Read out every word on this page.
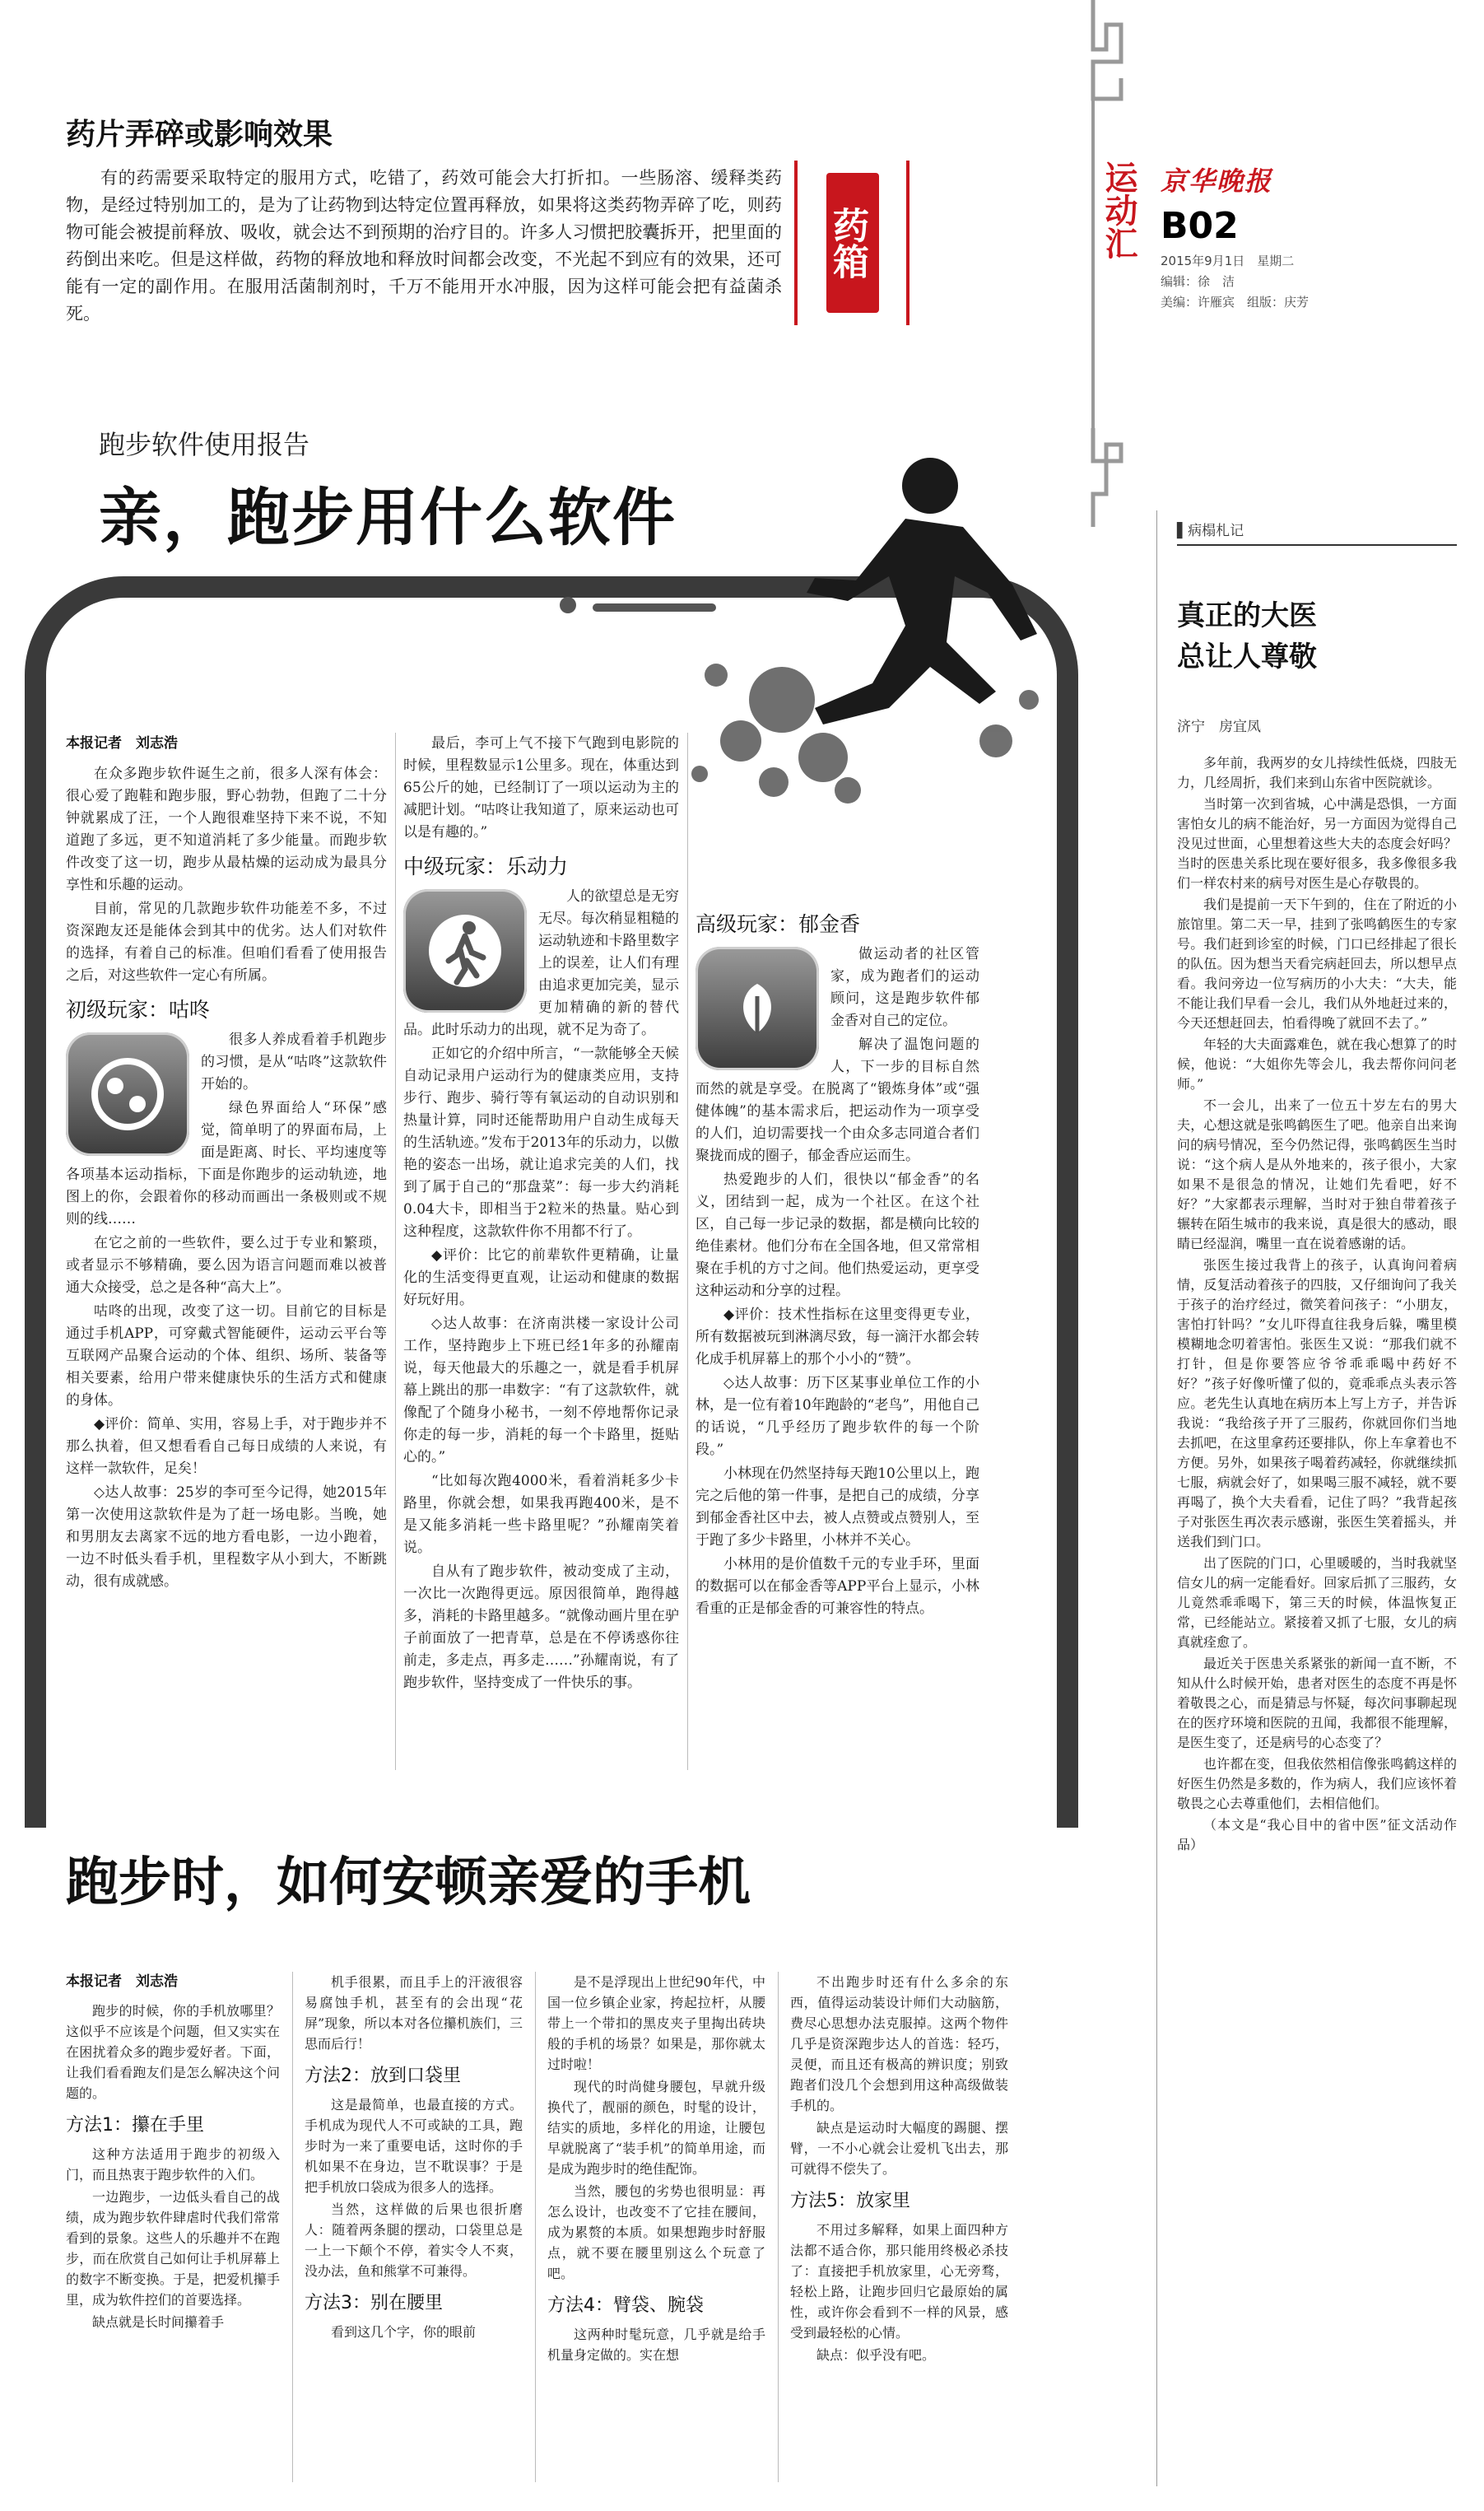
运动汇 京华晚报
B02
2015年9月1日　星期二
编辑：徐　洁
美编：许雁宾　组版：庆芳
药片弄碎或影响效果

有的药需要采取特定的服用方式，吃错了，药效可能会大打折扣。一些肠溶、缓释类药物，是经过特别加工的，是为了让药物到达特定位置再释放，如果将这类药物弄碎了吃，则药物可能会被提前释放、吸收，就会达不到预期的治疗目的。许多人习惯把胶囊拆开，把里面的药倒出来吃。但是这样做，药物的释放地和释放时间都会改变，不光起不到应有的效果，还可能有一定的副作用。在服用活菌制剂时，千万不能用开水冲服，因为这样可能会把有益菌杀死。

药箱
跑步软件使用报告
亲，跑步用什么软件
本报记者　刘志浩

在众多跑步软件诞生之前，很多人深有体会：很心爱了跑鞋和跑步服，野心勃勃，但跑了二十分钟就累成了汪，一个人跑很难坚持下来不说，不知道跑了多远，更不知道消耗了多少能量。而跑步软件改变了这一切，跑步从最枯燥的运动成为最具分享性和乐趣的运动。

目前，常见的几款跑步软件功能差不多，不过资深跑友还是能体会到其中的优劣。达人们对软件的选择，有着自己的标准。但咱们看看了使用报告之后，对这些软件一定心有所属。

初级玩家：咕咚

很多人养成看着手机跑步的习惯，是从“咕咚”这款软件开始的。

绿色界面给人“环保”感觉，简单明了的界面布局，上面是距离、时长、平均速度等各项基本运动指标，下面是你跑步的运动轨迹，地图上的你，会跟着你的移动而画出一条极则或不规则的线……

在它之前的一些软件，要么过于专业和繁琐，或者显示不够精确，要么因为语言问题而难以被普通大众接受，总之是各种“高大上”。

咕咚的出现，改变了这一切。目前它的目标是通过手机APP，可穿戴式智能硬件，运动云平台等互联网产品聚合运动的个体、组织、场所、装备等相关要素，给用户带来健康快乐的生活方式和健康的身体。

◆评价：简单、实用，容易上手，对于跑步并不那么执着，但又想看看自己每日成绩的人来说，有这样一款软件，足矣！

◇达人故事：25岁的李可至今记得，她2015年第一次使用这款软件是为了赶一场电影。当晚，她和男朋友去离家不远的地方看电影，一边小跑着，一边不时低头看手机，里程数字从小到大，不断跳动，很有成就感。

最后，李可上气不接下气跑到电影院的时候，里程数显示1公里多。现在，体重达到65公斤的她，已经制订了一项以运动为主的减肥计划。“咕咚让我知道了，原来运动也可以是有趣的。”

中级玩家：乐动力

人的欲望总是无穷无尽。每次稍显粗糙的运动轨迹和卡路里数字上的误差，让人们有理由追求更加完美，显示更加精确的新的替代品。此时乐动力的出现，就不足为奇了。

正如它的介绍中所言，“一款能够全天候自动记录用户运动行为的健康类应用，支持步行、跑步、骑行等有氧运动的自动识别和热量计算，同时还能帮助用户自动生成每天的生活轨迹。”发布于2013年的乐动力，以傲艳的姿态一出场，就让追求完美的人们，找到了属于自己的“那盘菜”：每一步大约消耗0.04大卡，即相当于2粒米的热量。贴心到这种程度，这款软件你不用都不行了。

◆评价：比它的前辈软件更精确，让量化的生活变得更直观，让运动和健康的数据好玩好用。

◇达人故事：在济南洪楼一家设计公司工作，坚持跑步上下班已经1年多的孙耀南说，每天他最大的乐趣之一，就是看手机屏幕上跳出的那一串数字：“有了这款软件，就像配了个随身小秘书，一刻不停地帮你记录你走的每一步，消耗的每一个卡路里，挺贴心的。”

“比如每次跑4000米，看着消耗多少卡路里，你就会想，如果我再跑400米，是不是又能多消耗一些卡路里呢？”孙耀南笑着说。

自从有了跑步软件，被动变成了主动，一次比一次跑得更远。原因很简单，跑得越多，消耗的卡路里越多。“就像动画片里在驴子前面放了一把青草，总是在不停诱惑你往前走，多走点，再多走……”孙耀南说，有了跑步软件，坚持变成了一件快乐的事。

高级玩家：郁金香

做运动者的社区管家，成为跑者们的运动顾问，这是跑步软件郁金香对自己的定位。

解决了温饱问题的人，下一步的目标自然而然的就是享受。在脱离了“锻炼身体”或“强健体魄”的基本需求后，把运动作为一项享受的人们，迫切需要找一个由众多志同道合者们聚拢而成的圈子，郁金香应运而生。

热爱跑步的人们，很快以“郁金香”的名义，团结到一起，成为一个社区。在这个社区，自己每一步记录的数据，都是横向比较的绝佳素材。他们分布在全国各地，但又常常相聚在手机的方寸之间。他们热爱运动，更享受这种运动和分享的过程。

◆评价：技术性指标在这里变得更专业，所有数据被玩到淋漓尽致，每一滴汗水都会转化成手机屏幕上的那个小小的“赞”。

◇达人故事：历下区某事业单位工作的小林，是一位有着10年跑龄的“老鸟”，用他自己的话说，“几乎经历了跑步软件的每一个阶段。”

小林现在仍然坚持每天跑10公里以上，跑完之后他的第一件事，是把自己的成绩，分享到郁金香社区中去，被人点赞或点赞别人，至于跑了多少卡路里，小林并不关心。

小林用的是价值数千元的专业手环，里面的数据可以在郁金香等APP平台上显示，小林看重的正是郁金香的可兼容性的特点。

跑步时，如何安顿亲爱的手机
本报记者　刘志浩

跑步的时候，你的手机放哪里？这似乎不应该是个问题，但又实实在在困扰着众多的跑步爱好者。下面，让我们看看跑友们是怎么解决这个问题的。

方法1：攥在手里

这种方法适用于跑步的初级入门，而且热衷于跑步软件的入们。

一边跑步，一边低头看自己的战绩，成为跑步软件肆虐时代我们常常看到的景象。这些人的乐趣并不在跑步，而在欣赏自己如何让手机屏幕上的数字不断变换。于是，把爱机攥手里，成为软件控们的首要选择。

缺点就是长时间攥着手

机手很累，而且手上的汗液很容易腐蚀手机，甚至有的会出现“花屏”现象，所以本对各位攥机族们，三思而后行！

方法2：放到口袋里

这是最简单，也最直接的方式。手机成为现代人不可或缺的工具，跑步时为一来了重要电话，这时你的手机如果不在身边，岂不耽误事？于是把手机放口袋成为很多人的选择。

当然，这样做的后果也很折磨人：随着两条腿的摆动，口袋里总是一上一下颠个不停，着实令人不爽，没办法，鱼和熊掌不可兼得。

方法3：别在腰里

看到这几个字，你的眼前

是不是浮现出上世纪90年代，中国一位乡镇企业家，挎起拉杆，从腰带上一个带扣的黑皮夹子里掏出砖块般的手机的场景？如果是，那你就太过时啦！

现代的时尚健身腰包，早就升级换代了，靓丽的颜色，时髦的设计，结实的质地，多样化的用途，让腰包早就脱离了“装手机”的简单用途，而是成为跑步时的绝佳配饰。

当然，腰包的劣势也很明显：再怎么设计，也改变不了它挂在腰间，成为累赘的本质。如果想跑步时舒服点，就不要在腰里别这么个玩意了吧。

方法4：臂袋、腕袋

这两种时髦玩意，几乎就是给手机量身定做的。实在想

不出跑步时还有什么多余的东西，值得运动装设计师们大动脑筋，费尽心思想办法克服掉。这两个物件几乎是资深跑步达人的首选：轻巧，灵便，而且还有极高的辨识度；别致跑者们没几个会想到用这种高级做装手机的。

缺点是运动时大幅度的踢腿、摆臂，一不小心就会让爱机飞出去，那可就得不偿失了。

方法5：放家里

不用过多解释，如果上面四种方法都不适合你，那只能用终极必杀技了：直接把手机放家里，心无旁骛，轻松上路，让跑步回归它最原始的属性，或许你会看到不一样的风景，感受到最轻松的心情。

缺点：似乎没有吧。

▌病榻札记
真正的大医
总让人尊敬
济宁　房宜凤

多年前，我两岁的女儿持续性低烧，四肢无力，几经周折，我们来到山东省中医院就诊。

当时第一次到省城，心中满是恐惧，一方面害怕女儿的病不能治好，另一方面因为觉得自己没见过世面，心里想着这些大夫的态度会好吗？当时的医患关系比现在要好很多，我多像很多我们一样农村来的病号对医生是心存敬畏的。

我们是提前一天下午到的，住在了附近的小旅馆里。第二天一早，挂到了张鸣鹤医生的专家号。我们赶到诊室的时候，门口已经排起了很长的队伍。因为想当天看完病赶回去，所以想早点看。我问旁边一位写病历的小大夫：“大夫，能不能让我们早看一会儿，我们从外地赶过来的，今天还想赶回去，怕看得晚了就回不去了。”

年轻的大夫面露难色，就在我心想算了的时候，他说：“大姐你先等会儿，我去帮你问问老师。”

不一会儿，出来了一位五十岁左右的男大夫，心想这就是张鸣鹤医生了吧。他亲自出来询问的病号情况，至今仍然记得，张鸣鹤医生当时说：“这个病人是从外地来的，孩子很小，大家如果不是很急的情况，让她们先看吧，好不好？”大家都表示理解，当时对于独自带着孩子辗转在陌生城市的我来说，真是很大的感动，眼睛已经湿润，嘴里一直在说着感谢的话。

张医生接过我背上的孩子，认真询问着病情，反复活动着孩子的四肢，又仔细询问了我关于孩子的治疗经过，微笑着问孩子：“小朋友，害怕打针吗？”女儿吓得直往我身后躲，嘴里模模糊地念叨着害怕。张医生又说：“那我们就不打针，但是你要答应爷爷乖乖喝中药好不好？”孩子好像听懂了似的，竟乖乖点头表示答应。老先生认真地在病历本上写上方子，并告诉我说：“我给孩子开了三服药，你就回你们当地去抓吧，在这里拿药还要排队，你上车拿着也不方便。另外，如果孩子喝着药减轻，你就继续抓七服，病就会好了，如果喝三服不减轻，就不要再喝了，换个大夫看看，记住了吗？”我背起孩子对张医生再次表示感谢，张医生笑着摇头，并送我们到门口。

出了医院的门口，心里暖暖的，当时我就坚信女儿的病一定能看好。回家后抓了三服药，女儿竟然乖乖喝下，第三天的时候，体温恢复正常，已经能站立。紧接着又抓了七服，女儿的病真就痊愈了。

最近关于医患关系紧张的新闻一直不断，不知从什么时候开始，患者对医生的态度不再是怀着敬畏之心，而是猜忌与怀疑，每次问事聊起现在的医疗环境和医院的丑闻，我都很不能理解，是医生变了，还是病号的心态变了？

也许都在变，但我依然相信像张鸣鹤这样的好医生仍然是多数的，作为病人，我们应该怀着敬畏之心去尊重他们，去相信他们。

（本文是“我心目中的省中医”征文活动作品）
